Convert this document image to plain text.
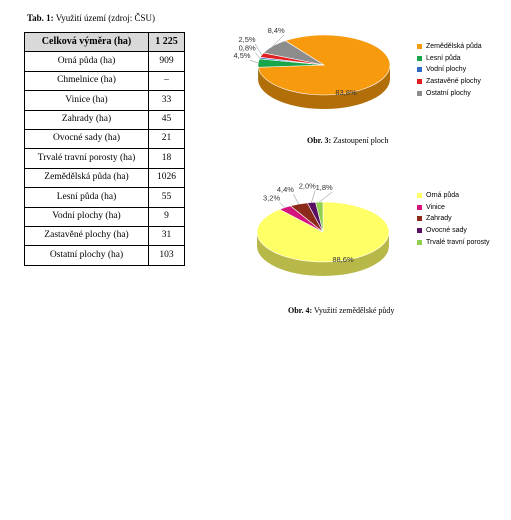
Tab. 1: Využití území (zdroj: ČSU)
Celková výměra (ha)	1 225
Orná půda (ha)	909
Chmelnice (ha)	–
Vinice (ha)	33
Zahrady (ha)	45
Ovocné sady (ha)	21
Trvalé travní porosty (ha)	18
Zemědělská půda (ha)	1026
Lesní půda (ha)	55
Vodní plochy (ha)	9
Zastavěné plochy (ha)	31
Ostatní plochy (ha)	103
83,8%
4,5%
0,8%
2,5%
8,4%
88,6%
3,2%
4,4% 2,0% 1,8%
Zemědělská půda
Lesní půda
Vodní plochy
Zastavěné plochy
Ostatní plochy
Orná půda
Vinice
Zahrady
Ovocné sady
Trvalé travní porosty
Obr. 3: Zastoupení ploch
Obr. 4: Využití zemědělské půdy
